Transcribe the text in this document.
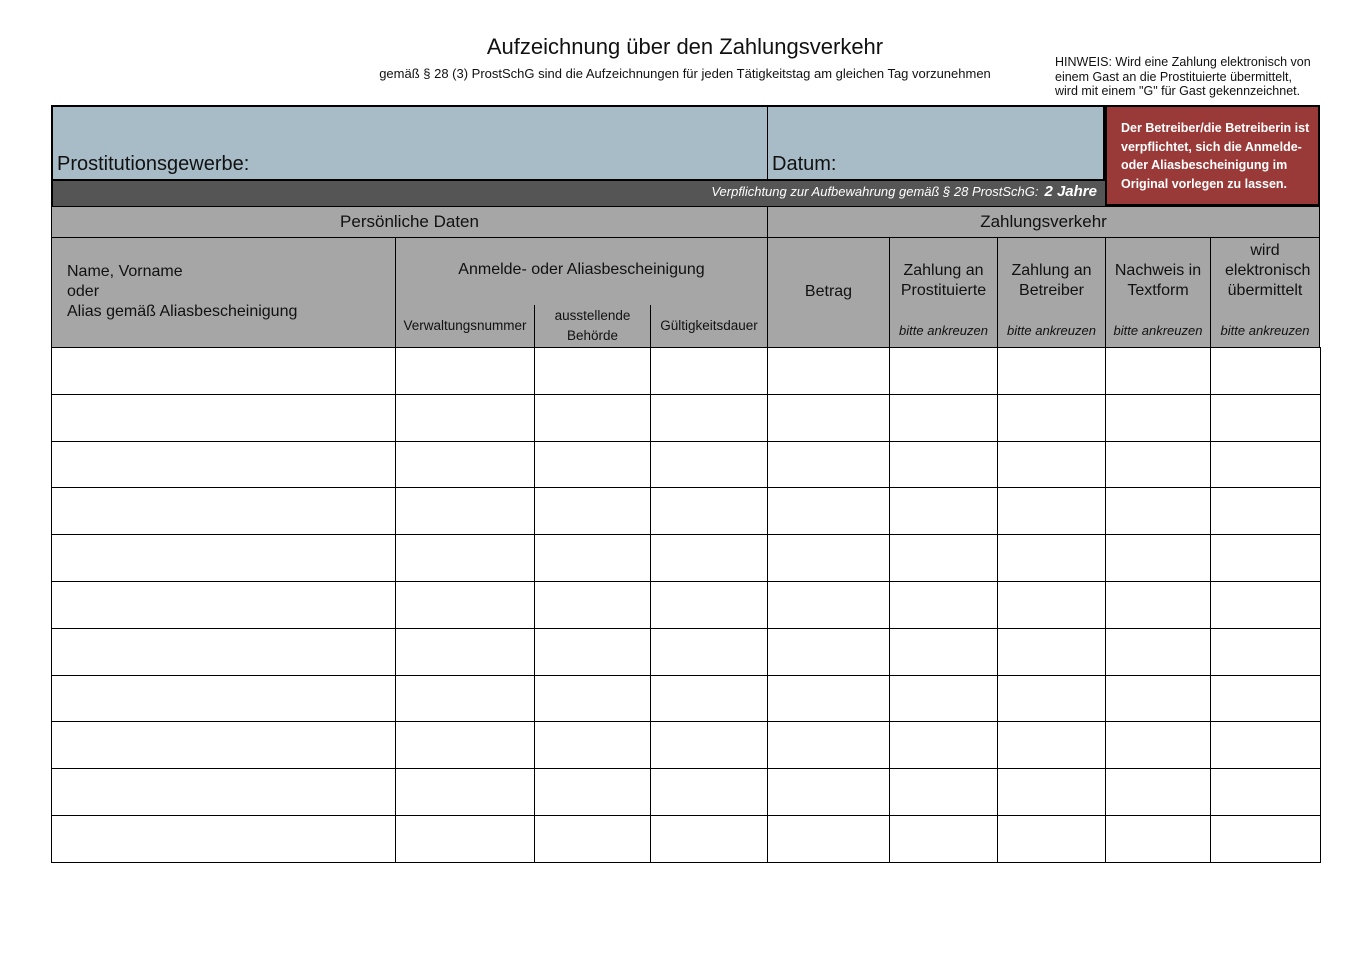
Aufzeichnung über den Zahlungsverkehr
gemäß § 28 (3) ProstSchG sind die Aufzeichnungen für jeden Tätigkeitstag am gleichen Tag vorzunehmen
HINWEIS: Wird eine Zahlung elektronisch von
einem Gast an die Prostituierte übermittelt,
wird mit einem "G" für Gast gekennzeichnet.
Prostitutionsgewerbe:	Datum:
Der Betreiber/die Betreiberin ist
verpflichtet, sich die Anmelde-
oder Aliasbescheinigung im
Original vorlegen zu lassen.
Verpflichtung zur Aufbewahrung gemäß § 28 ProstSchG: 2 Jahre
Persönliche Daten	Zahlungsverkehr
Name, Vorname
oder
Alias gemäß Aliasbescheinigung
Anmelde- oder Aliasbescheinigung
Verwaltungsnummer
ausstellende Behörde
Gültigkeitsdauer
Betrag
Zahlung an Prostituierte
bitte ankreuzen
Zahlung an Betreiber
bitte ankreuzen
Nachweis in Textform
bitte ankreuzen
wird elektronisch übermittelt
bitte ankreuzen
